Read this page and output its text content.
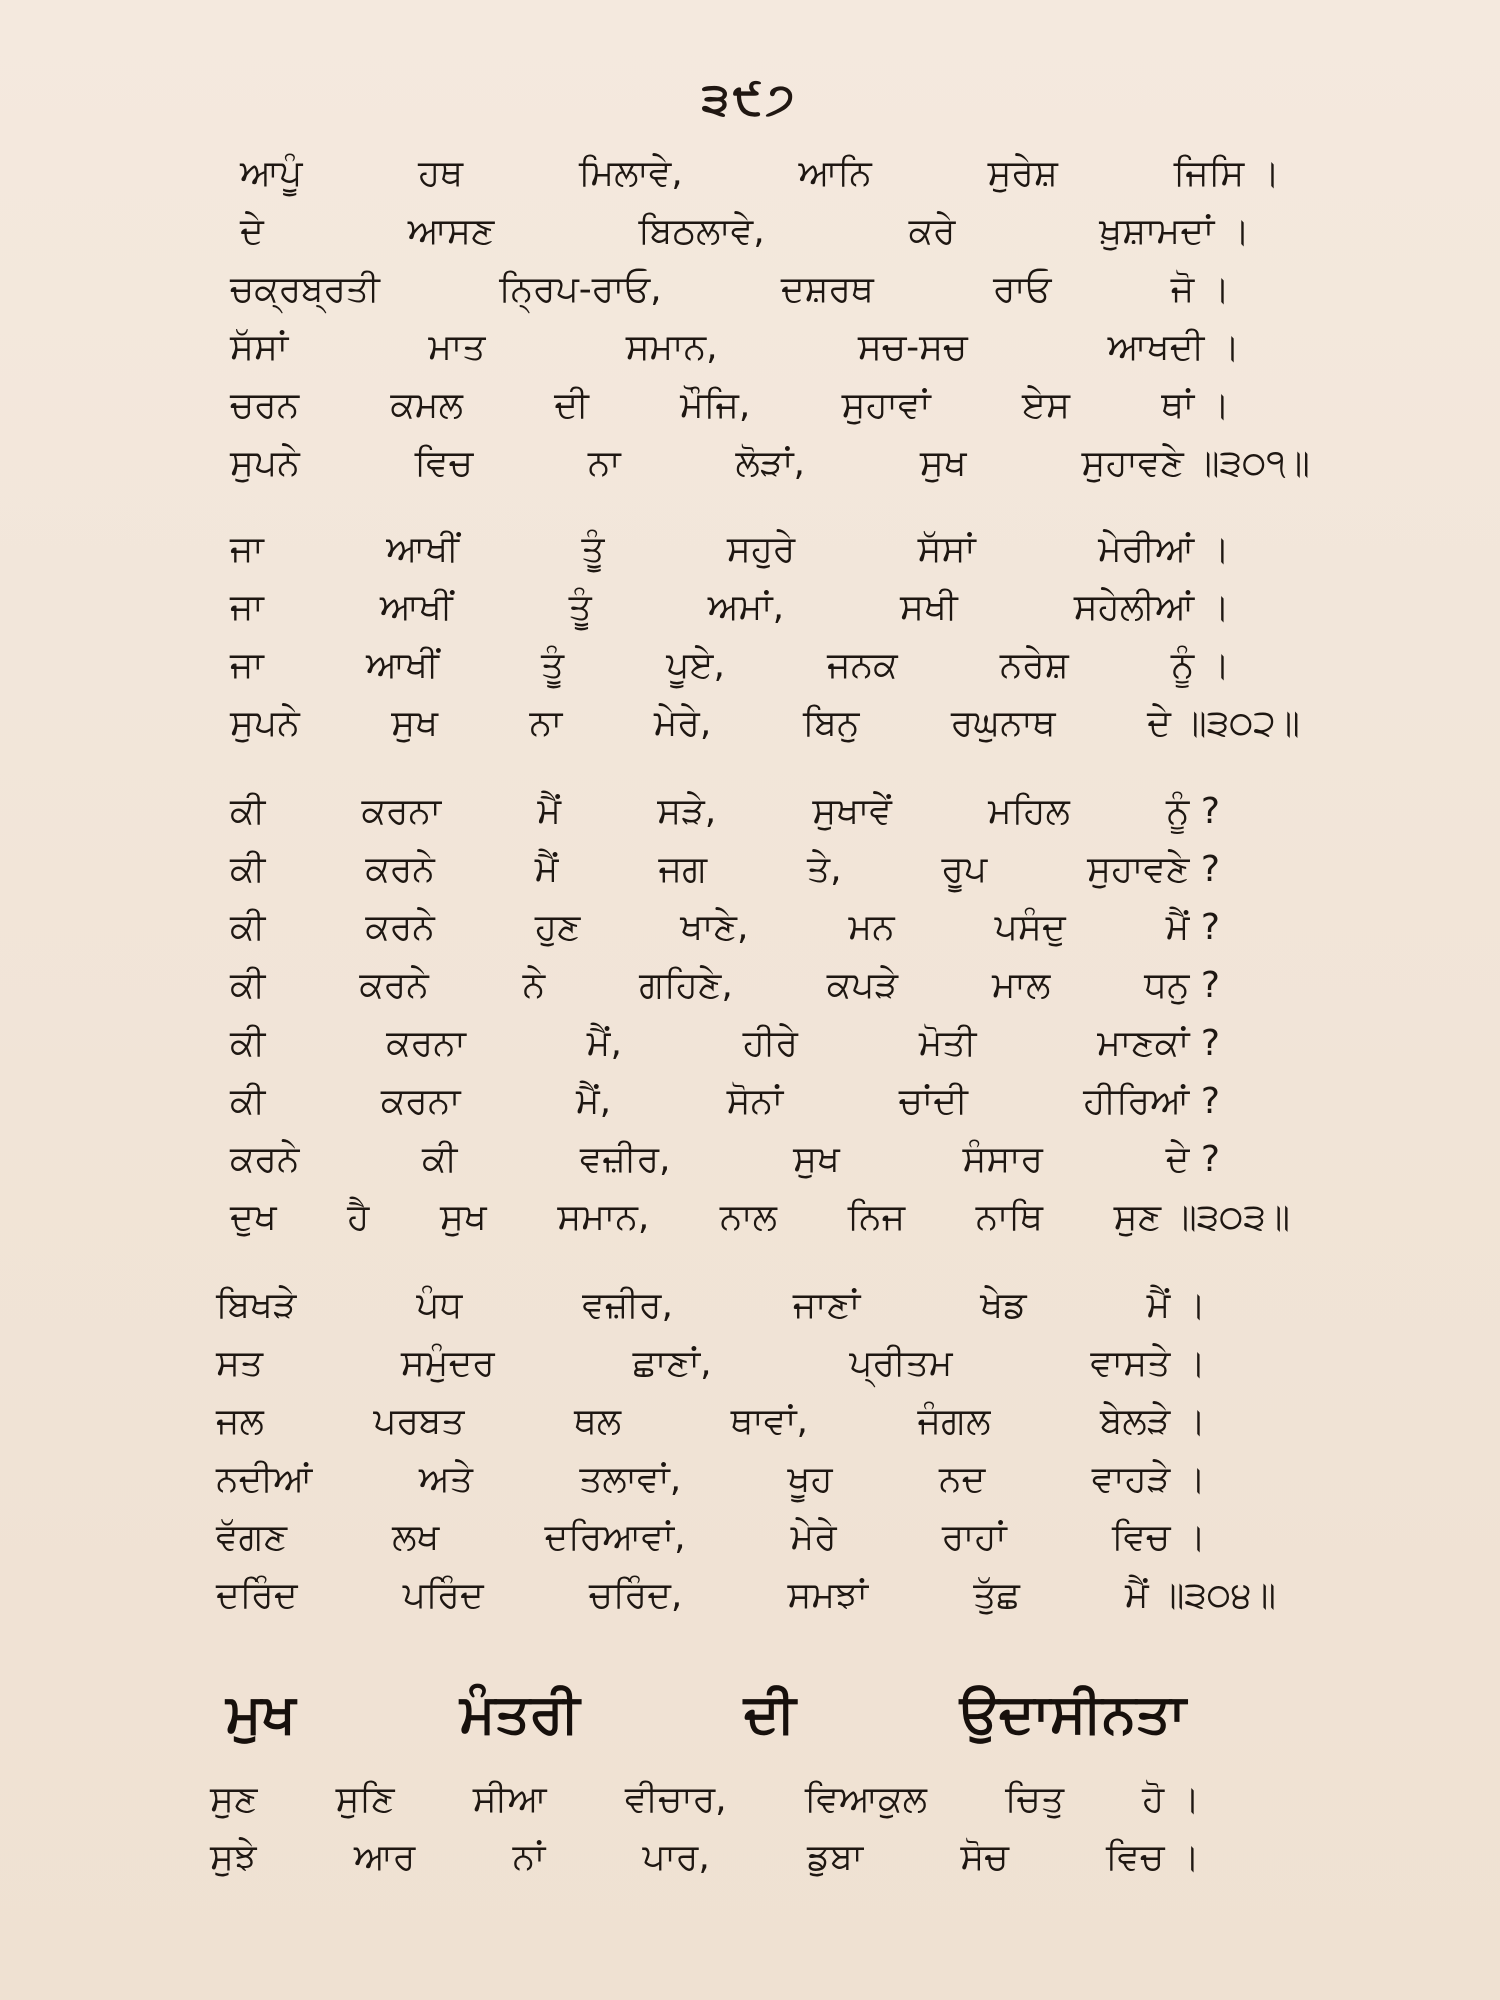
੩੯੭
ਆਪੂੰ	ਹਥ	ਮਿਲਾਵੇ,	ਆਨਿ	ਸੁਰੇਸ਼	ਜਿਸਿ ।
ਦੇ	ਆਸਣ	ਬਿਠਲਾਵੇ,	ਕਰੇ	ਖ਼ੁਸ਼ਾਮਦਾਂ ।
ਚਕ੍ਰਬ੍ਰਤੀ	ਨ੍ਰਿਪ-ਰਾਓ,	ਦਸ਼ਰਥ	ਰਾਓ	ਜੋ ।
ਸੱਸਾਂ	ਮਾਤ	ਸਮਾਨ,	ਸਚ-ਸਚ	ਆਖਦੀ ।
ਚਰਨ	ਕਮਲ	ਦੀ	ਮੌਜਿ,	ਸੁਹਾਵਾਂ	ਏਸ	ਥਾਂ ।
ਸੁਪਨੇ	ਵਿਚ	ਨਾ	ਲੋੜਾਂ,	ਸੁਖ	ਸੁਹਾਵਣੇ ॥੩੦੧॥
ਜਾ	ਆਖੀਂ	ਤੂੰ	ਸਹੁਰੇ	ਸੱਸਾਂ	ਮੇਰੀਆਂ ।
ਜਾ	ਆਖੀਂ	ਤੂੰ	ਅਮਾਂ,	ਸਖੀ	ਸਹੇਲੀਆਂ ।
ਜਾ	ਆਖੀਂ	ਤੂੰ	ਪੂਏ,	ਜਨਕ	ਨਰੇਸ਼	ਨੂੰ ।
ਸੁਪਨੇ	ਸੁਖ	ਨਾ	ਮੇਰੇ,	ਬਿਨੁ	ਰਘੁਨਾਥ	ਦੇ ॥੩੦੨॥
ਕੀ	ਕਰਨਾ	ਮੈਂ	ਸੜੇ,	ਸੁਖਾਵੇਂ	ਮਹਿਲ	ਨੂੰ ?
ਕੀ	ਕਰਨੇ	ਮੈਂ	ਜਗ	ਤੇ,	ਰੂਪ	ਸੁਹਾਵਣੇ ?
ਕੀ	ਕਰਨੇ	ਹੁਣ	ਖਾਣੇ,	ਮਨ	ਪਸੰਦੁ	ਮੈਂ ?
ਕੀ	ਕਰਨੇ	ਨੇ	ਗਹਿਣੇ,	ਕਪੜੇ	ਮਾਲ	ਧਨੁ ?
ਕੀ	ਕਰਨਾ	ਮੈਂ,	ਹੀਰੇ	ਮੋਤੀ	ਮਾਣਕਾਂ ?
ਕੀ	ਕਰਨਾ	ਮੈਂ,	ਸੋਨਾਂ	ਚਾਂਦੀ	ਹੀਰਿਆਂ ?
ਕਰਨੇ	ਕੀ	ਵਜ਼ੀਰ,	ਸੁਖ	ਸੰਸਾਰ	ਦੇ ?
ਦੁਖ ਹੈ ਸੁਖ ਸਮਾਨ, ਨਾਲ ਨਿਜ ਨਾਥਿ ਸੁਣ ॥੩੦੩॥
ਬਿਖੜੇ	ਪੰਧ	ਵਜ਼ੀਰ,	ਜਾਣਾਂ	ਖੇਡ	ਮੈਂ ।
ਸਤ	ਸਮੁੰਦਰ	ਛਾਣਾਂ,	ਪ੍ਰੀਤਮ	ਵਾਸਤੇ ।
ਜਲ	ਪਰਬਤ	ਥਲ	ਥਾਵਾਂ,	ਜੰਗਲ	ਬੇਲੜੇ ।
ਨਦੀਆਂ	ਅਤੇ	ਤਲਾਵਾਂ,	ਖੂਹ	ਨਦ	ਵਾਹੜੇ ।
ਵੱਗਣ	ਲਖ	ਦਰਿਆਵਾਂ,	ਮੇਰੇ	ਰਾਹਾਂ	ਵਿਚ ।
ਦਰਿੰਦ	ਪਰਿੰਦ	ਚਰਿੰਦ,	ਸਮਝਾਂ	ਤੁੱਛ	ਮੈਂ ॥੩੦੪॥
ਮੁਖ	ਮੰਤਰੀ	ਦੀ	ਉਦਾਸੀਨਤਾ
ਸੁਣ ਸੁਣਿ ਸੀਆ ਵੀਚਾਰ, ਵਿਆਕੁਲ ਚਿਤੁ ਹੋ ।
ਸੁਝੇ	ਆਰ	ਨਾਂ	ਪਾਰ,	ਡੁਬਾ	ਸੋਚ	ਵਿਚ ।
